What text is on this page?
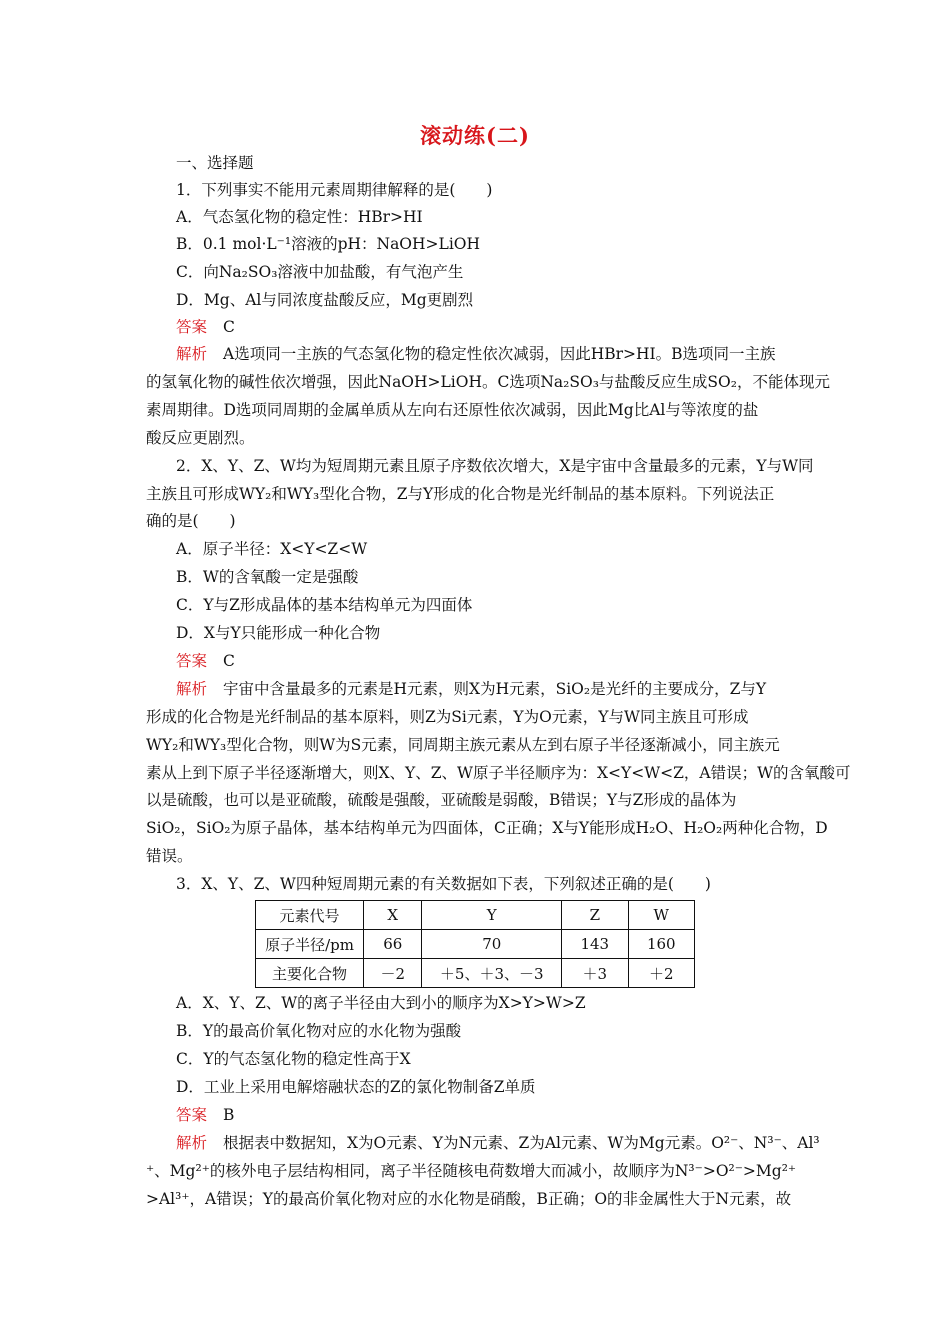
滚动练(二)
一、选择题
1．下列事实不能用元素周期律解释的是(　　)
A．气态氢化物的稳定性：HBr>HI
B．0.1 mol·L⁻¹溶液的pH：NaOH>LiOH
C．向Na₂SO₃溶液中加盐酸，有气泡产生
D．Mg、Al与同浓度盐酸反应，Mg更剧烈
答案 C
解析 A选项同一主族的气态氢化物的稳定性依次减弱，因此HBr>HI。B选项同一主族
的氢氧化物的碱性依次增强，因此NaOH>LiOH。C选项Na₂SO₃与盐酸反应生成SO₂，不能体现元
素周期律。D选项同周期的金属单质从左向右还原性依次减弱，因此Mg比Al与等浓度的盐
酸反应更剧烈。
2．X、Y、Z、W均为短周期元素且原子序数依次增大，X是宇宙中含量最多的元素，Y与W同
主族且可形成WY₂和WY₃型化合物，Z与Y形成的化合物是光纤制品的基本原料。下列说法正
确的是(　　)
A．原子半径：X<Y<Z<W
B．W的含氧酸一定是强酸
C．Y与Z形成晶体的基本结构单元为四面体
D．X与Y只能形成一种化合物
答案 C
解析 宇宙中含量最多的元素是H元素，则X为H元素，SiO₂是光纤的主要成分，Z与Y
形成的化合物是光纤制品的基本原料，则Z为Si元素，Y为O元素，Y与W同主族且可形成
WY₂和WY₃型化合物，则W为S元素，同周期主族元素从左到右原子半径逐渐减小，同主族元
素从上到下原子半径逐渐增大，则X、Y、Z、W原子半径顺序为：X<Y<W<Z，A错误；W的含氧酸可
以是硫酸，也可以是亚硫酸，硫酸是强酸，亚硫酸是弱酸，B错误；Y与Z形成的晶体为
SiO₂，SiO₂为原子晶体，基本结构单元为四面体，C正确；X与Y能形成H₂O、H₂O₂两种化合物，D
错误。
3．X、Y、Z、W四种短周期元素的有关数据如下表，下列叙述正确的是(　　)
元素代号	X	Y	Z	W
原子半径/pm	66	70	143	160
主要化合物	－2	＋5、＋3、－3	＋3	＋2
A．X、Y、Z、W的离子半径由大到小的顺序为X>Y>W>Z
B．Y的最高价氧化物对应的水化物为强酸
C．Y的气态氢化物的稳定性高于X
D．工业上采用电解熔融状态的Z的氯化物制备Z单质
答案 B
解析 根据表中数据知，X为O元素、Y为N元素、Z为Al元素、W为Mg元素。O²⁻、N³⁻、Al³
⁺、Mg²⁺的核外电子层结构相同，离子半径随核电荷数增大而减小，故顺序为N³⁻>O²⁻>Mg²⁺
>Al³⁺，A错误；Y的最高价氧化物对应的水化物是硝酸，B正确；O的非金属性大于N元素，故
